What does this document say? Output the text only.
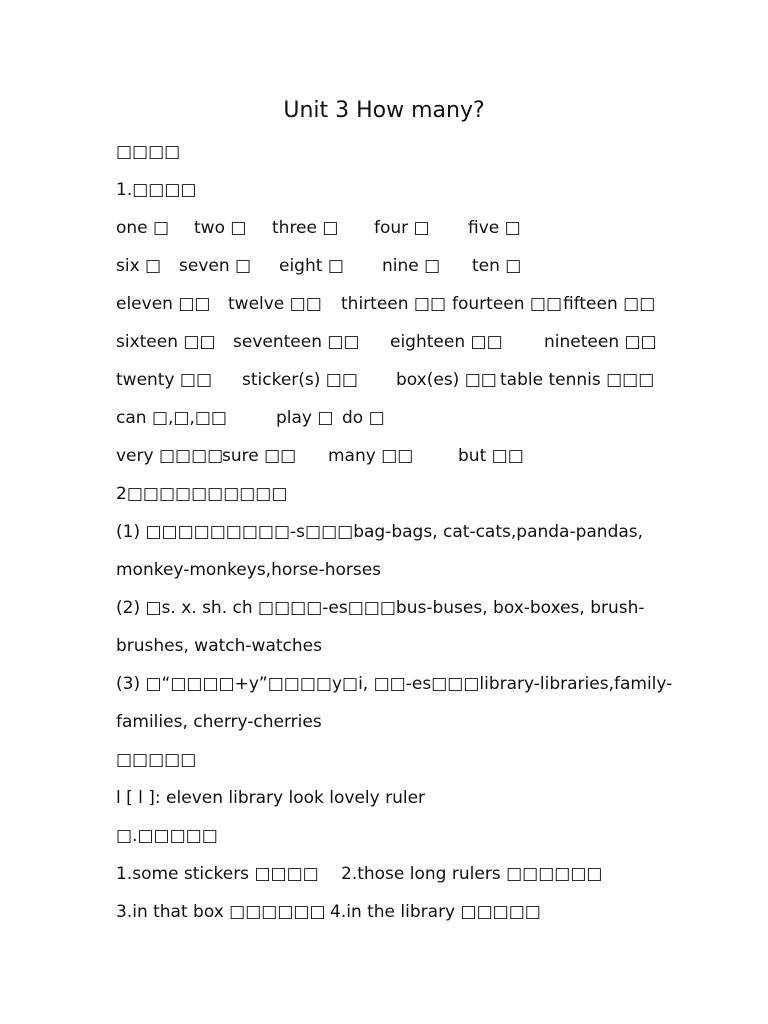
Unit 3 How many?
□□□□
1.□□□□
one □ two □ three □ four □ five □
six □ seven □ eight □ nine □ ten □
eleven □□ twelve □□ thirteen □□ fourteen □□ fifteen □□
sixteen □□ seventeen □□ eighteen □□ nineteen □□
twenty □□ sticker(s) □□ box(es) □□ table tennis □□□
can □,□,□□	play □ do □
very □□□□
sure □□ many □□	but □□
2□□□□□□□□□□
(1) □□□□□□□□□-s□□□bag-bags, cat-cats,panda-pandas,
monkey-monkeys,horse-horses
(2) □s. x. sh. ch □□□□-es□□□bus-buses, box-boxes, brush-
brushes, watch-watches
(3) □“□□□□+y”□□□□y□i, □□-es□□□library-libraries,family-
families, cherry-cherries
□□□□□
l [ l ]: eleven library look lovely ruler
□.□□□□□
1.some stickers □□□□ 2.those long rulers □□□□□□
3.in that box □□□□□□ 4.in the library □□□□□
